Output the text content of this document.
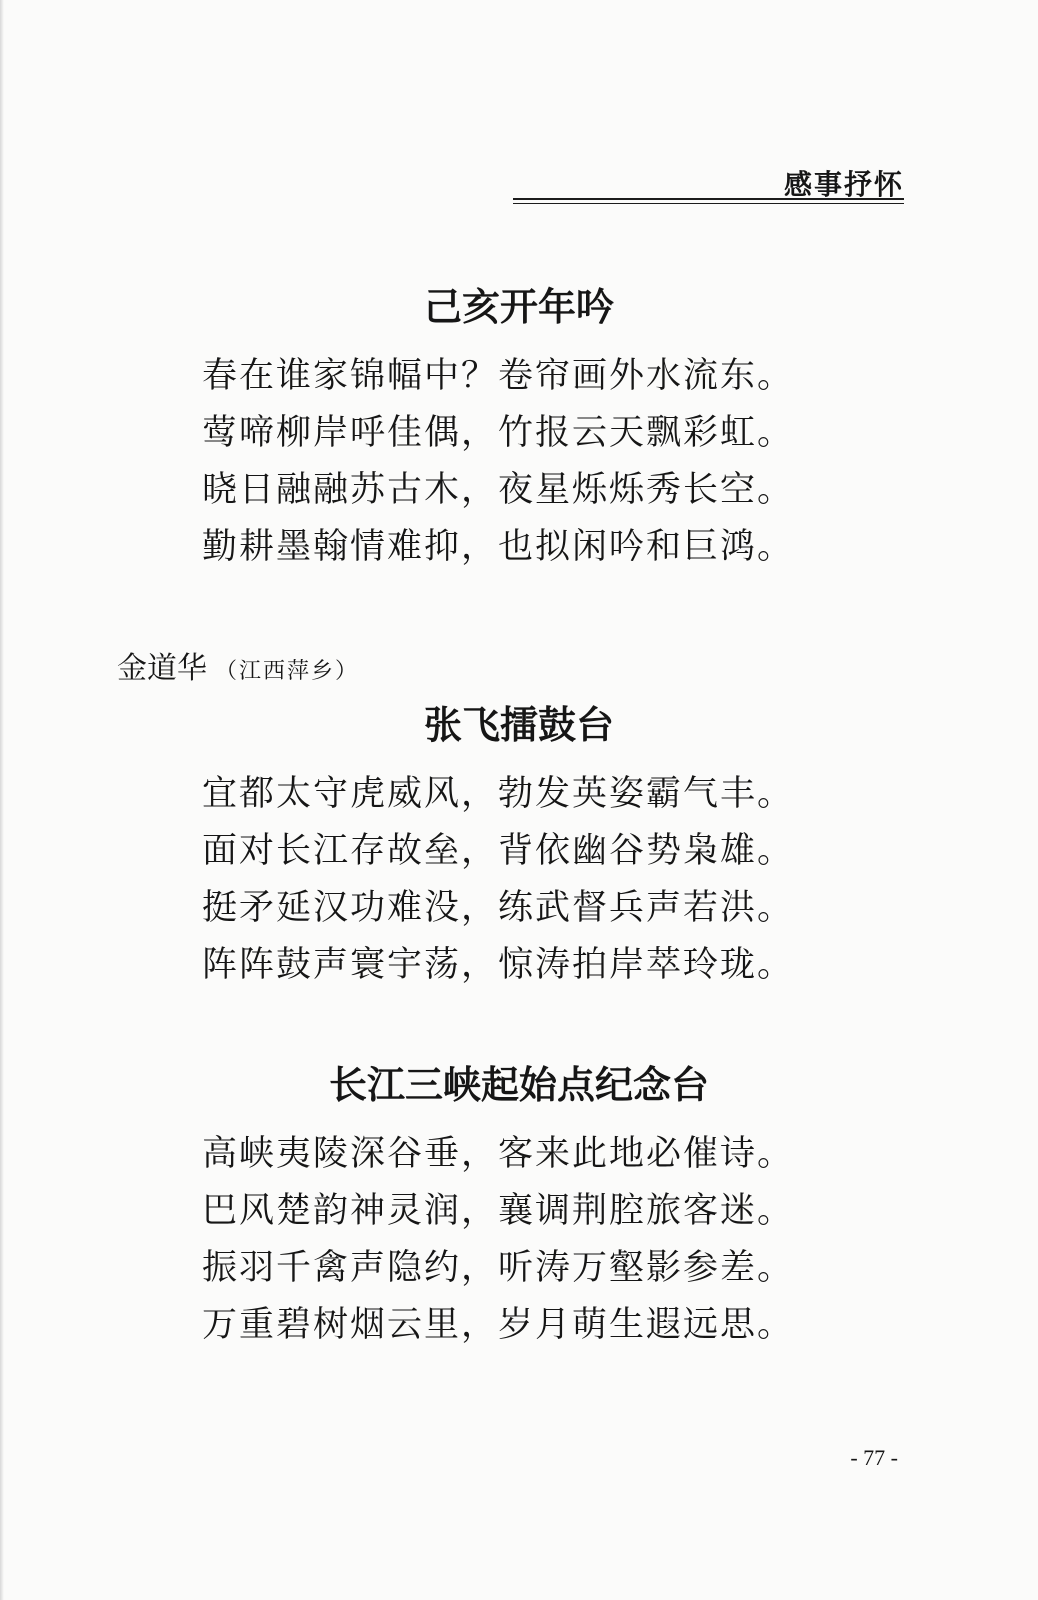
感事抒怀
己亥开年吟
春在谁家锦幅中？卷帘画外水流东。
莺啼柳岸呼佳偶，竹报云天飘彩虹。
晓日融融苏古木，夜星烁烁秀长空。
勤耕墨翰情难抑，也拟闲吟和巨鸿。
金道华 （江西萍乡）
张飞擂鼓台
宜都太守虎威风，勃发英姿霸气丰。
面对长江存故垒，背依幽谷势枭雄。
挺矛延汉功难没，练武督兵声若洪。
阵阵鼓声寰宇荡，惊涛拍岸萃玲珑。
长江三峡起始点纪念台
高峡夷陵深谷垂，客来此地必催诗。
巴风楚韵神灵润，襄调荆腔旅客迷。
振羽千禽声隐约，听涛万壑影参差。
万重碧树烟云里，岁月萌生遐远思。
- 77 -
